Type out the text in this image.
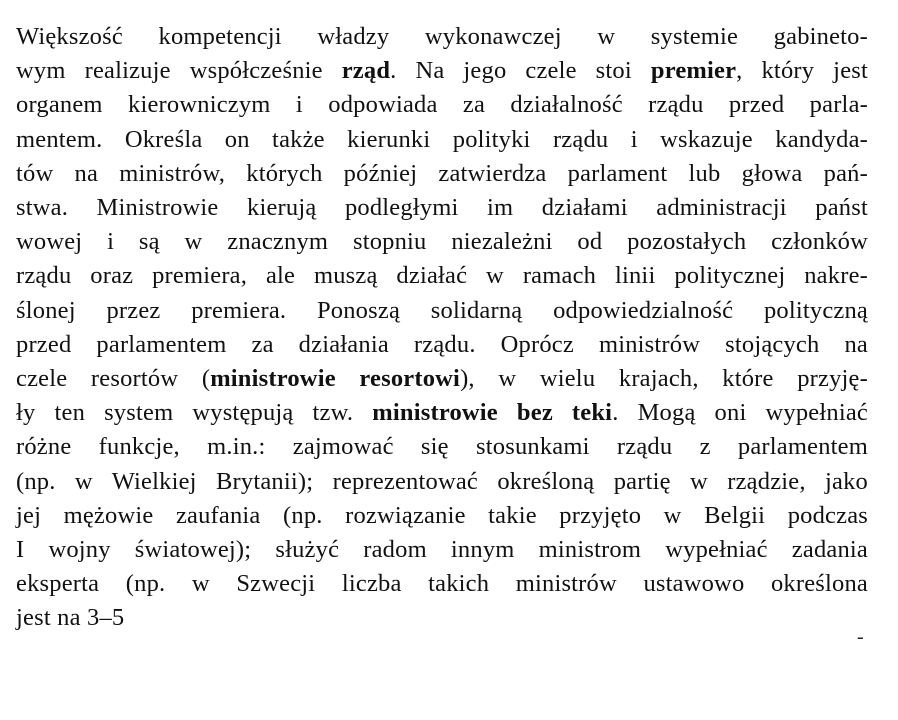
Większość kompetencji władzy wykonawczej w systemie gabineto-
wym realizuje współcześnie rząd. Na jego czele stoi premier, który jest
organem kierowniczym i odpowiada za działalność rządu przed parla-
mentem. Określa on także kierunki polityki rządu i wskazuje kandyda-
tów na ministrów, których później zatwierdza parlament lub głowa pań-
stwa. Ministrowie kierują podległymi im działami administracji państ
wowej i są w znacznym stopniu niezależni od pozostałych członków
rządu oraz premiera, ale muszą działać w ramach linii politycznej nakre-
ślonej przez premiera. Ponoszą solidarną odpowiedzialność polityczną
przed parlamentem za działania rządu. Oprócz ministrów stojących na
czele resortów (ministrowie resortowi), w wielu krajach, które przyję-
ły ten system występują tzw. ministrowie bez teki. Mogą oni wypełniać
różne funkcje, m.in.: zajmować się stosunkami rządu z parlamentem
(np. w Wielkiej Brytanii); reprezentować określoną partię w rządzie, jako
jej mężowie zaufania (np. rozwiązanie takie przyjęto w Belgii podczas
I wojny światowej); służyć radom innym ministrom wypełniać zadania
eksperta (np. w Szwecji liczba takich ministrów ustawowo określona
jest na 3–5
-
